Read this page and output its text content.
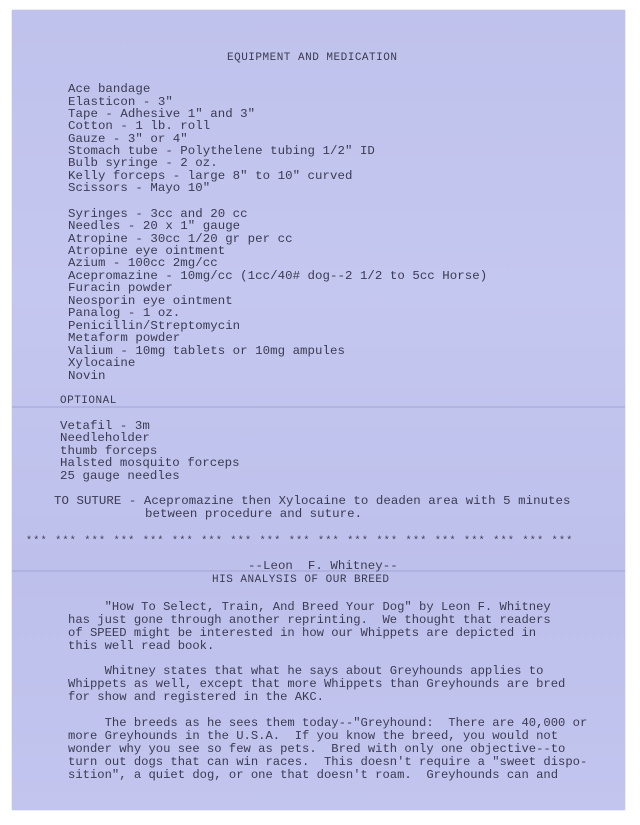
EQUIPMENT AND MEDICATION
Ace bandage
Elasticon - 3"
Tape - Adhesive 1" and 3"
Cotton - 1 lb. roll
Gauze - 3" or 4"
Stomach tube - Polythelene tubing 1/2" ID
Bulb syringe - 2 oz.
Kelly forceps - large 8" to 10" curved
Scissors - Mayo 10"
Syringes - 3cc and 20 cc
Needles - 20 x 1" gauge
Atropine - 30cc 1/20 gr per cc
Atropine eye ointment
Azium - 100cc 2mg/cc
Acepromazine - 10mg/cc (1cc/40# dog--2 1/2 to 5cc Horse)
Furacin powder
Neosporin eye ointment
Panalog - 1 oz.
Penicillin/Streptomycin
Metaform powder
Valium - 10mg tablets or 10mg ampules
Xylocaine
Novin
OPTIONAL
Vetafil - 3m
Needleholder
thumb forceps
Halsted mosquito forceps
25 gauge needles
TO SUTURE - Acepromazine then Xylocaine to deaden area with 5 minutes
between procedure and suture.
*** *** *** *** *** *** *** *** *** *** *** *** *** *** *** *** *** *** ***
--Leon  F. Whitney--
HIS ANALYSIS OF OUR BREED
"How To Select, Train, And Breed Your Dog" by Leon F. Whitney
has just gone through another reprinting.  We thought that readers
of SPEED might be interested in how our Whippets are depicted in
this well read book.
Whitney states that what he says about Greyhounds applies to
Whippets as well, except that more Whippets than Greyhounds are bred
for show and registered in the AKC.
The breeds as he sees them today--"Greyhound:  There are 40,000 or
more Greyhounds in the U.S.A.  If you know the breed, you would not
wonder why you see so few as pets.  Bred with only one objective--to
turn out dogs that can win races.  This doesn't require a "sweet dispo-
sition", a quiet dog, or one that doesn't roam.  Greyhounds can and
